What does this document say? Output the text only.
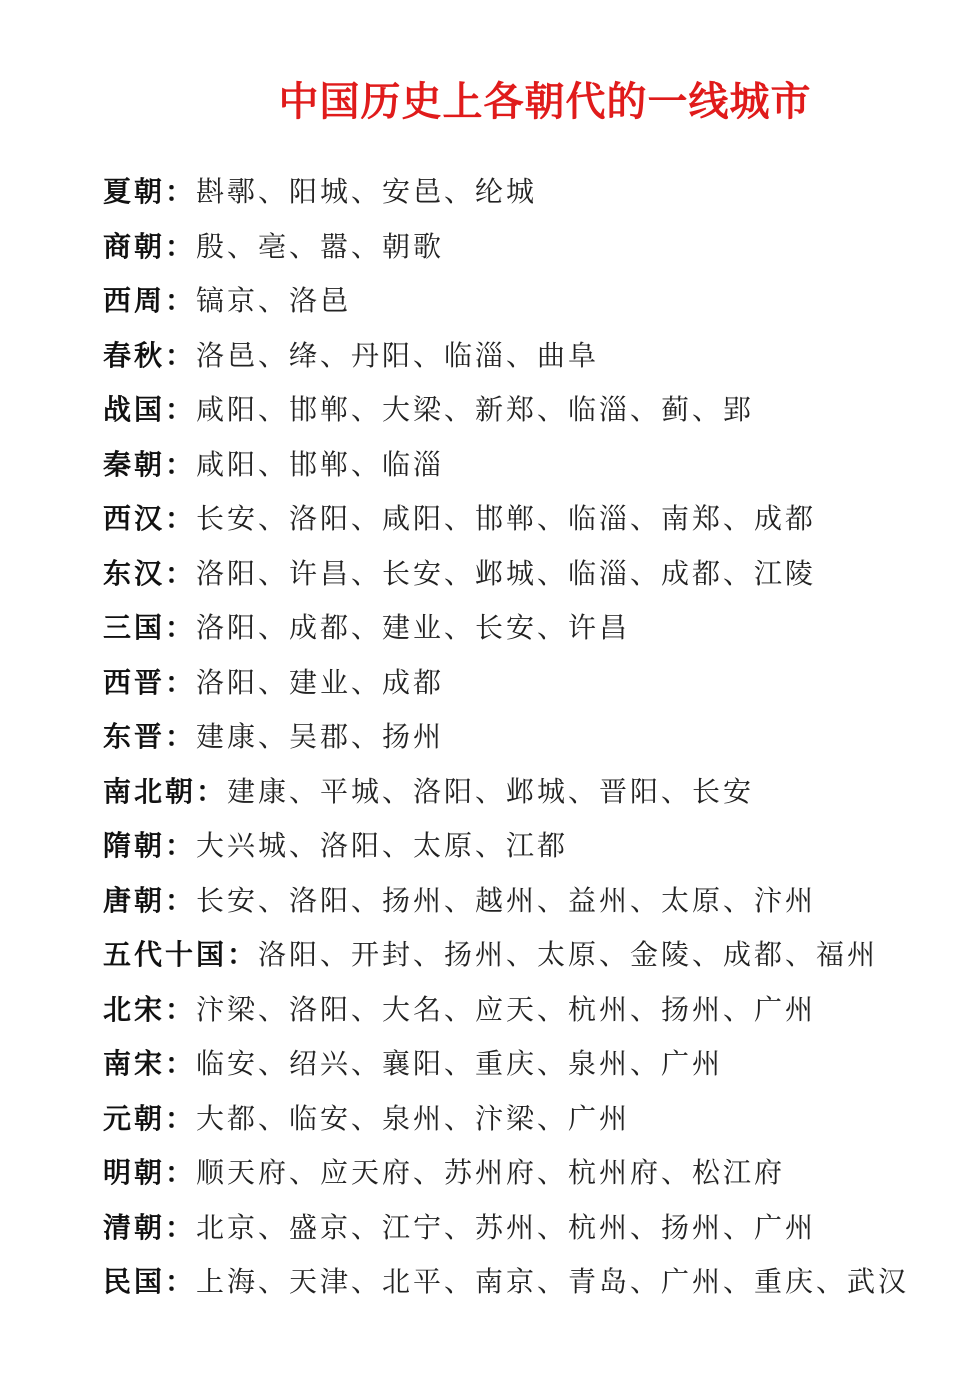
中国历史上各朝代的一线城市
夏朝：斟鄩、阳城、安邑、纶城
商朝：殷、亳、嚣、朝歌
西周：镐京、洛邑
春秋：洛邑、绛、丹阳、临淄、曲阜
战国：咸阳、邯郸、大梁、新郑、临淄、蓟、郢
秦朝：咸阳、邯郸、临淄
西汉：长安、洛阳、咸阳、邯郸、临淄、南郑、成都
东汉：洛阳、许昌、长安、邺城、临淄、成都、江陵
三国：洛阳、成都、建业、长安、许昌
西晋：洛阳、建业、成都
东晋：建康、吴郡、扬州
南北朝：建康、平城、洛阳、邺城、晋阳、长安
隋朝：大兴城、洛阳、太原、江都
唐朝：长安、洛阳、扬州、越州、益州、太原、汴州
五代十国：洛阳、开封、扬州、太原、金陵、成都、福州
北宋：汴梁、洛阳、大名、应天、杭州、扬州、广州
南宋：临安、绍兴、襄阳、重庆、泉州、广州
元朝：大都、临安、泉州、汴梁、广州
明朝：顺天府、应天府、苏州府、杭州府、松江府
清朝：北京、盛京、江宁、苏州、杭州、扬州、广州
民国：上海、天津、北平、南京、青岛、广州、重庆、武汉
